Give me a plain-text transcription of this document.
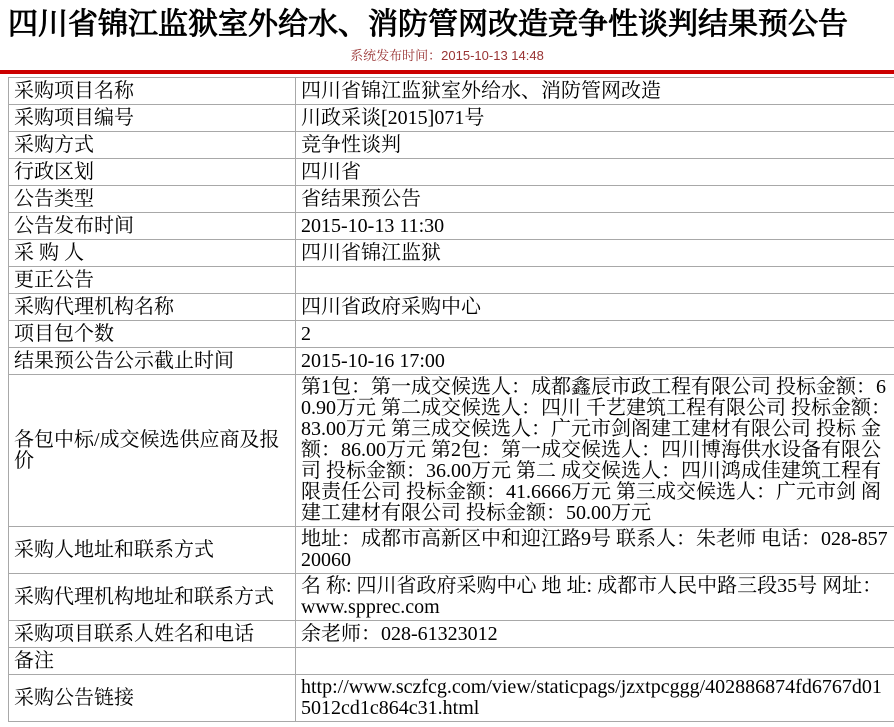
四川省锦江监狱室外给水、消防管网改造竞争性谈判结果预公告
系统发布时间：2015-10-13 14:48
采购项目名称	四川省锦江监狱室外给水、消防管网改造
采购项目编号	川政采谈[2015]071号
采购方式	竞争性谈判
行政区划	四川省
公告类型	省结果预公告
公告发布时间	2015-10-13 11:30
采 购 人	四川省锦江监狱
更正公告	
采购代理机构名称	四川省政府采购中心
项目包个数	2
结果预公告公示截止时间	2015-10-16 17:00
各包中标/成交候选供应商及报价	第1包：第一成交候选人：成都鑫辰市政工程有限公司 投标金额：60.90万元 第二成交候选人：四川 千艺建筑工程有限公司 投标金额：83.00万元 第三成交候选人：广元市剑阁建工建材有限公司 投标 金额：86.00万元 第2包：第一成交候选人：四川博海供水设备有限公司 投标金额：36.00万元 第二 成交候选人：四川鸿成佳建筑工程有限责任公司 投标金额：41.6666万元 第三成交候选人：广元市剑 阁建工建材有限公司 投标金额：50.00万元
采购人地址和联系方式	地址：成都市高新区中和迎江路9号 联系人：朱老师 电话：028-85720060
采购代理机构地址和联系方式	名 称: 四川省政府采购中心 地 址: 成都市人民中路三段35号 网址：www.spprec.com
采购项目联系人姓名和电话	余老师：028-61323012
备注	
采购公告链接	http://www.sczfcg.com/view/staticpags/jzxtpcggg/402886874fd6767d015012cd1c864c31.html
